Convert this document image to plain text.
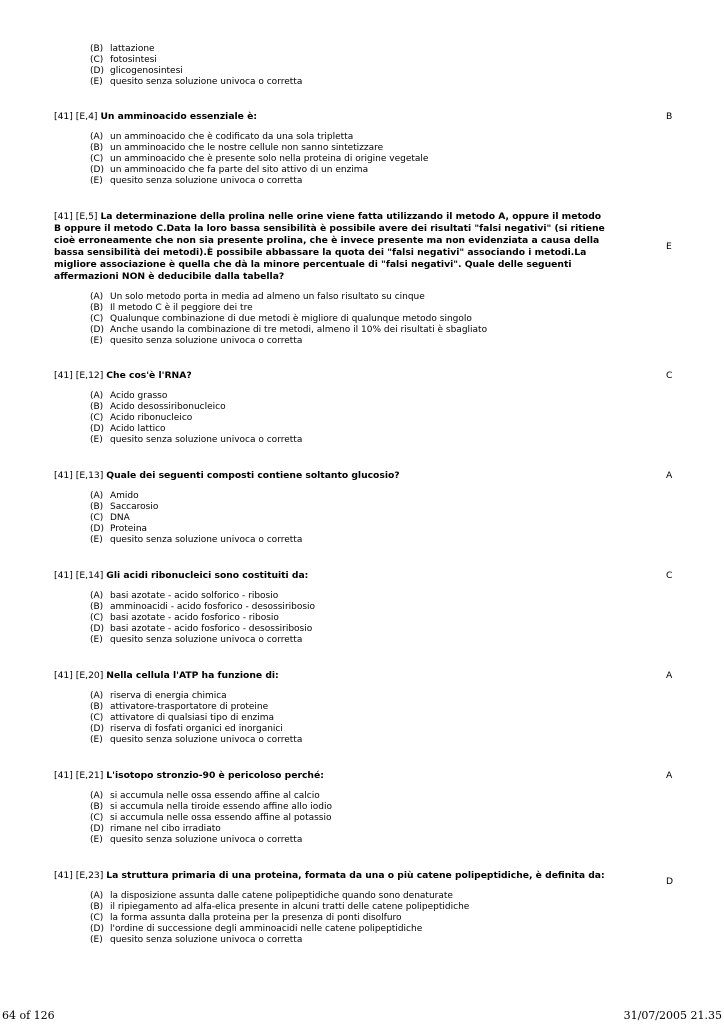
(B) lattazione
(C) fotosintesi
(D) glicogenosintesi
(E) quesito senza soluzione univoca o corretta
[41] [E,4] Un amminoacido essenziale è:
(A) un amminoacido che è codificato da una sola tripletta
(B) un amminoacido che le nostre cellule non sanno sintetizzare
(C) un amminoacido che è presente solo nella proteina di origine vegetale
(D) un amminoacido che fa parte del sito attivo di un enzima
(E) quesito senza soluzione univoca o corretta
B
[41] [E,5] La determinazione della prolina nelle orine viene fatta utilizzando il metodo A, oppure il metodo B oppure il metodo C.Data la loro bassa sensibilità è possibile avere dei risultati "falsi negativi" (si ritiene cioè erroneamente che non sia presente prolina, che è invece presente ma non evidenziata a causa della bassa sensibilità dei metodi).È possibile abbassare la quota dei "falsi negativi" associando i metodi.La migliore associazione è quella che dà la minore percentuale di "falsi negativi". Quale delle seguenti affermazioni NON è deducibile dalla tabella?
(A) Un solo metodo porta in media ad almeno un falso risultato su cinque
(B) Il metodo C è il peggiore dei tre
(C) Qualunque combinazione di due metodi è migliore di qualunque metodo singolo
(D) Anche usando la combinazione di tre metodi, almeno il 10% dei risultati è sbagliato
(E) quesito senza soluzione univoca o corretta
E
[41] [E,12] Che cos'è l'RNA?
(A) Acido grasso
(B) Acido desossiribonucleico
(C) Acido ribonucleico
(D) Acido lattico
(E) quesito senza soluzione univoca o corretta
C
[41] [E,13] Quale dei seguenti composti contiene soltanto glucosio?
(A) Amido
(B) Saccarosio
(C) DNA
(D) Proteina
(E) quesito senza soluzione univoca o corretta
A
[41] [E,14] Gli acidi ribonucleici sono costituiti da:
(A) basi azotate - acido solforico - ribosio
(B) amminoacidi - acido fosforico - desossiribosio
(C) basi azotate - acido fosforico - ribosio
(D) basi azotate - acido fosforico - desossiribosio
(E) quesito senza soluzione univoca o corretta
C
[41] [E,20] Nella cellula l'ATP ha funzione di:
(A) riserva di energia chimica
(B) attivatore-trasportatore di proteine
(C) attivatore di qualsiasi tipo di enzima
(D) riserva di fosfati organici ed inorganici
(E) quesito senza soluzione univoca o corretta
A
[41] [E,21] L'isotopo stronzio-90 è pericoloso perché:
(A) si accumula nelle ossa essendo affine al calcio
(B) si accumula nella tiroide essendo affine allo iodio
(C) si accumula nelle ossa essendo affine al potassio
(D) rimane nel cibo irradiato
(E) quesito senza soluzione univoca o corretta
A
[41] [E,23] La struttura primaria di una proteina, formata da una o più catene polipeptidiche, è definita da:
(A) la disposizione assunta dalle catene polipeptidiche quando sono denaturate
(B) il ripiegamento ad alfa-elica presente in alcuni tratti delle catene polipeptidiche
(C) la forma assunta dalla proteina per la presenza di ponti disolfuro
(D) l'ordine di successione degli amminoacidi nelle catene polipeptidiche
(E) quesito senza soluzione univoca o corretta
D
64 of 126	31/07/2005 21.35
